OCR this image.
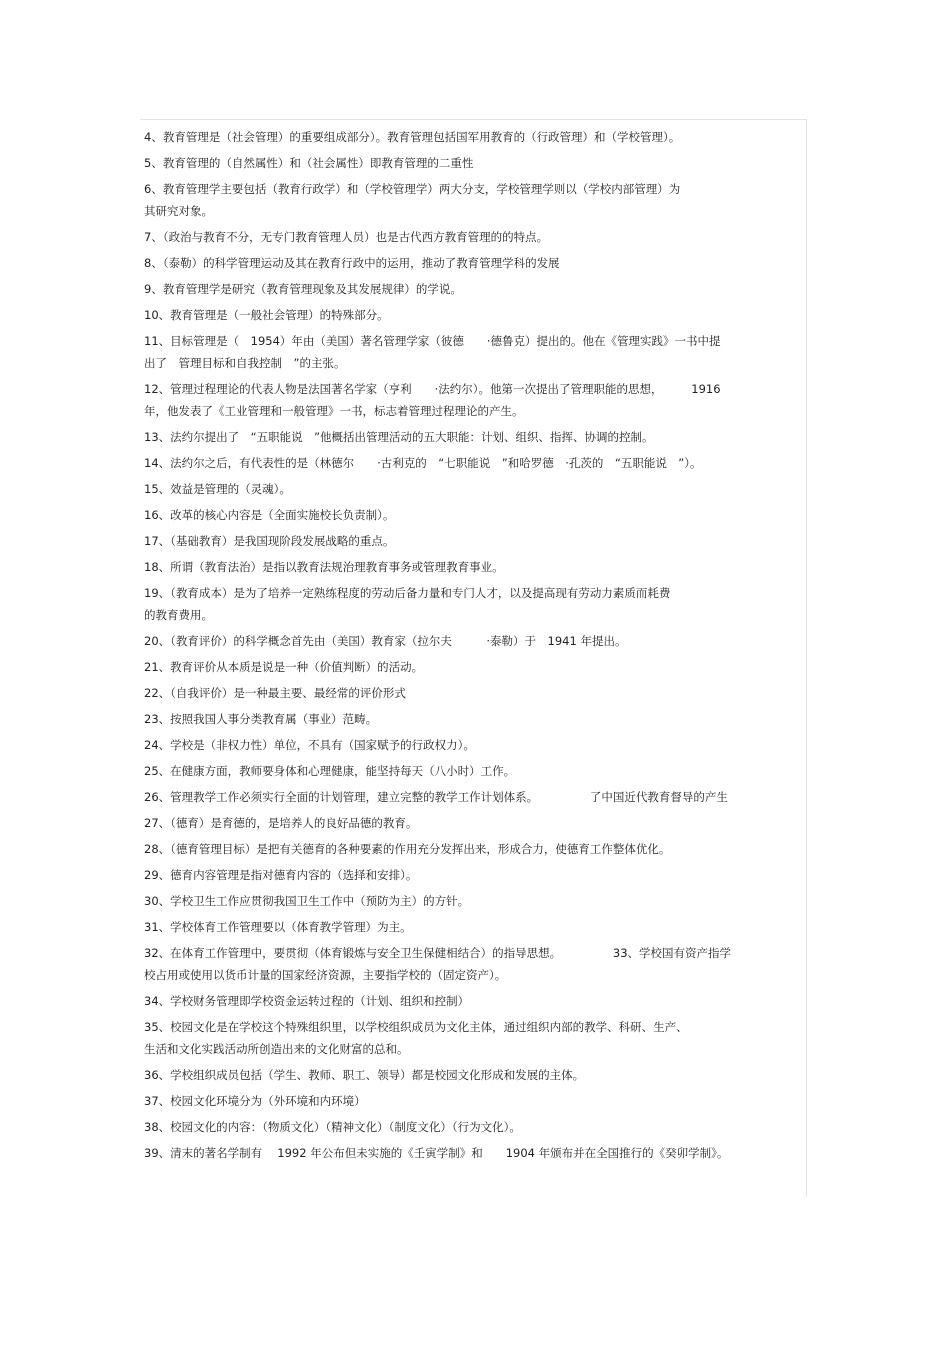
4、教育管理是（社会管理）的重要组成部分）。教育管理包括国军用教育的（行政管理）和（学校管理）。
5、教育管理的（自然属性）和（社会属性）即教育管理的二重性
6、教育管理学主要包括（教育行政学）和（学校管理学）两大分支，学校管理学则以（学校内部管理）为
其研究对象。
7、（政治与教育不分，无专门教育管理人员）也是古代西方教育管理的的特点。
8、（泰勒）的科学管理运动及其在教育行政中的运用，推动了教育管理学科的发展
9、教育管理学是研究（教育管理现象及其发展规律）的学说。
10、教育管理是（一般社会管理）的特殊部分。
11、目标管理是（　1954）年由（美国）著名管理学家（彼德　　·德鲁克）提出的。他在《管理实践》一书中提
出了　管理目标和自我控制　”的主张。
12、管理过程理论的代表人物是法国著名学家（亨利　　·法约尔）。他第一次提出了管理职能的思想，　　　1916
年，他发表了《工业管理和一般管理》一书，标志着管理过程理论的产生。
13、法约尔提出了　“五职能说　”他概括出管理活动的五大职能：计划、组织、指挥、协调的控制。
14、法约尔之后，有代表性的是（林德尔　　·古利克的　“七职能说　”和哈罗德　·孔茨的　“五职能说　”）。
15、效益是管理的（灵魂）。
16、改革的核心内容是（全面实施校长负责制）。
17、（基础教育）是我国现阶段发展战略的重点。
18、所谓（教育法治）是指以教育法规治理教育事务或管理教育事业。
19、（教育成本）是为了培养一定熟练程度的劳动后备力量和专门人才，以及提高现有劳动力素质而耗费
的教育费用。
20、（教育评价）的科学概念首先由（美国）教育家（拉尔夫　　　·泰勒）于　1941 年提出。
21、教育评价从本质是说是一种（价值判断）的活动。
22、（自我评价）是一种最主要、最经常的评价形式
23、按照我国人事分类教育属（事业）范畴。
24、学校是（非权力性）单位，不具有（国家赋予的行政权力）。
25、在健康方面，教师要身体和心理健康，能坚持每天（八小时）工作。
26、管理教学工作必须实行全面的计划管理，建立完整的教学工作计划体系。　　　　　了中国近代教育督导的产生
27、（德育）是育德的，是培养人的良好品德的教育。
28、（德育管理目标）是把有关德育的各种要素的作用充分发挥出来，形成合力，使德育工作整体优化。
29、德育内容管理是指对德育内容的（选择和安排）。
30、学校卫生工作应贯彻我国卫生工作中（预防为主）的方针。
31、学校体育工作管理要以（体育教学管理）为主。
32、在体育工作管理中，要贯彻（体育锻炼与安全卫生保健相结合）的指导思想。　　　　　33、学校国有资产指学
校占用或使用以货币计量的国家经济资源，主要指学校的（固定资产）。
34、学校财务管理即学校资金运转过程的（计划、组织和控制）
35、校园文化是在学校这个特殊组织里，以学校组织成员为文化主体，通过组织内部的教学、科研、生产、
生活和文化实践活动所创造出来的文化财富的总和。
36、学校组织成员包括（学生、教师、职工、领导）都是校园文化形成和发展的主体。
37、校园文化环境分为（外环境和内环境）
38、校园文化的内容：（物质文化）（精神文化）（制度文化）（行为文化）。
39、清末的著名学制有　 1992 年公布但未实施的《壬寅学制》和　　1904 年颁布并在全国推行的《癸卯学制》。
